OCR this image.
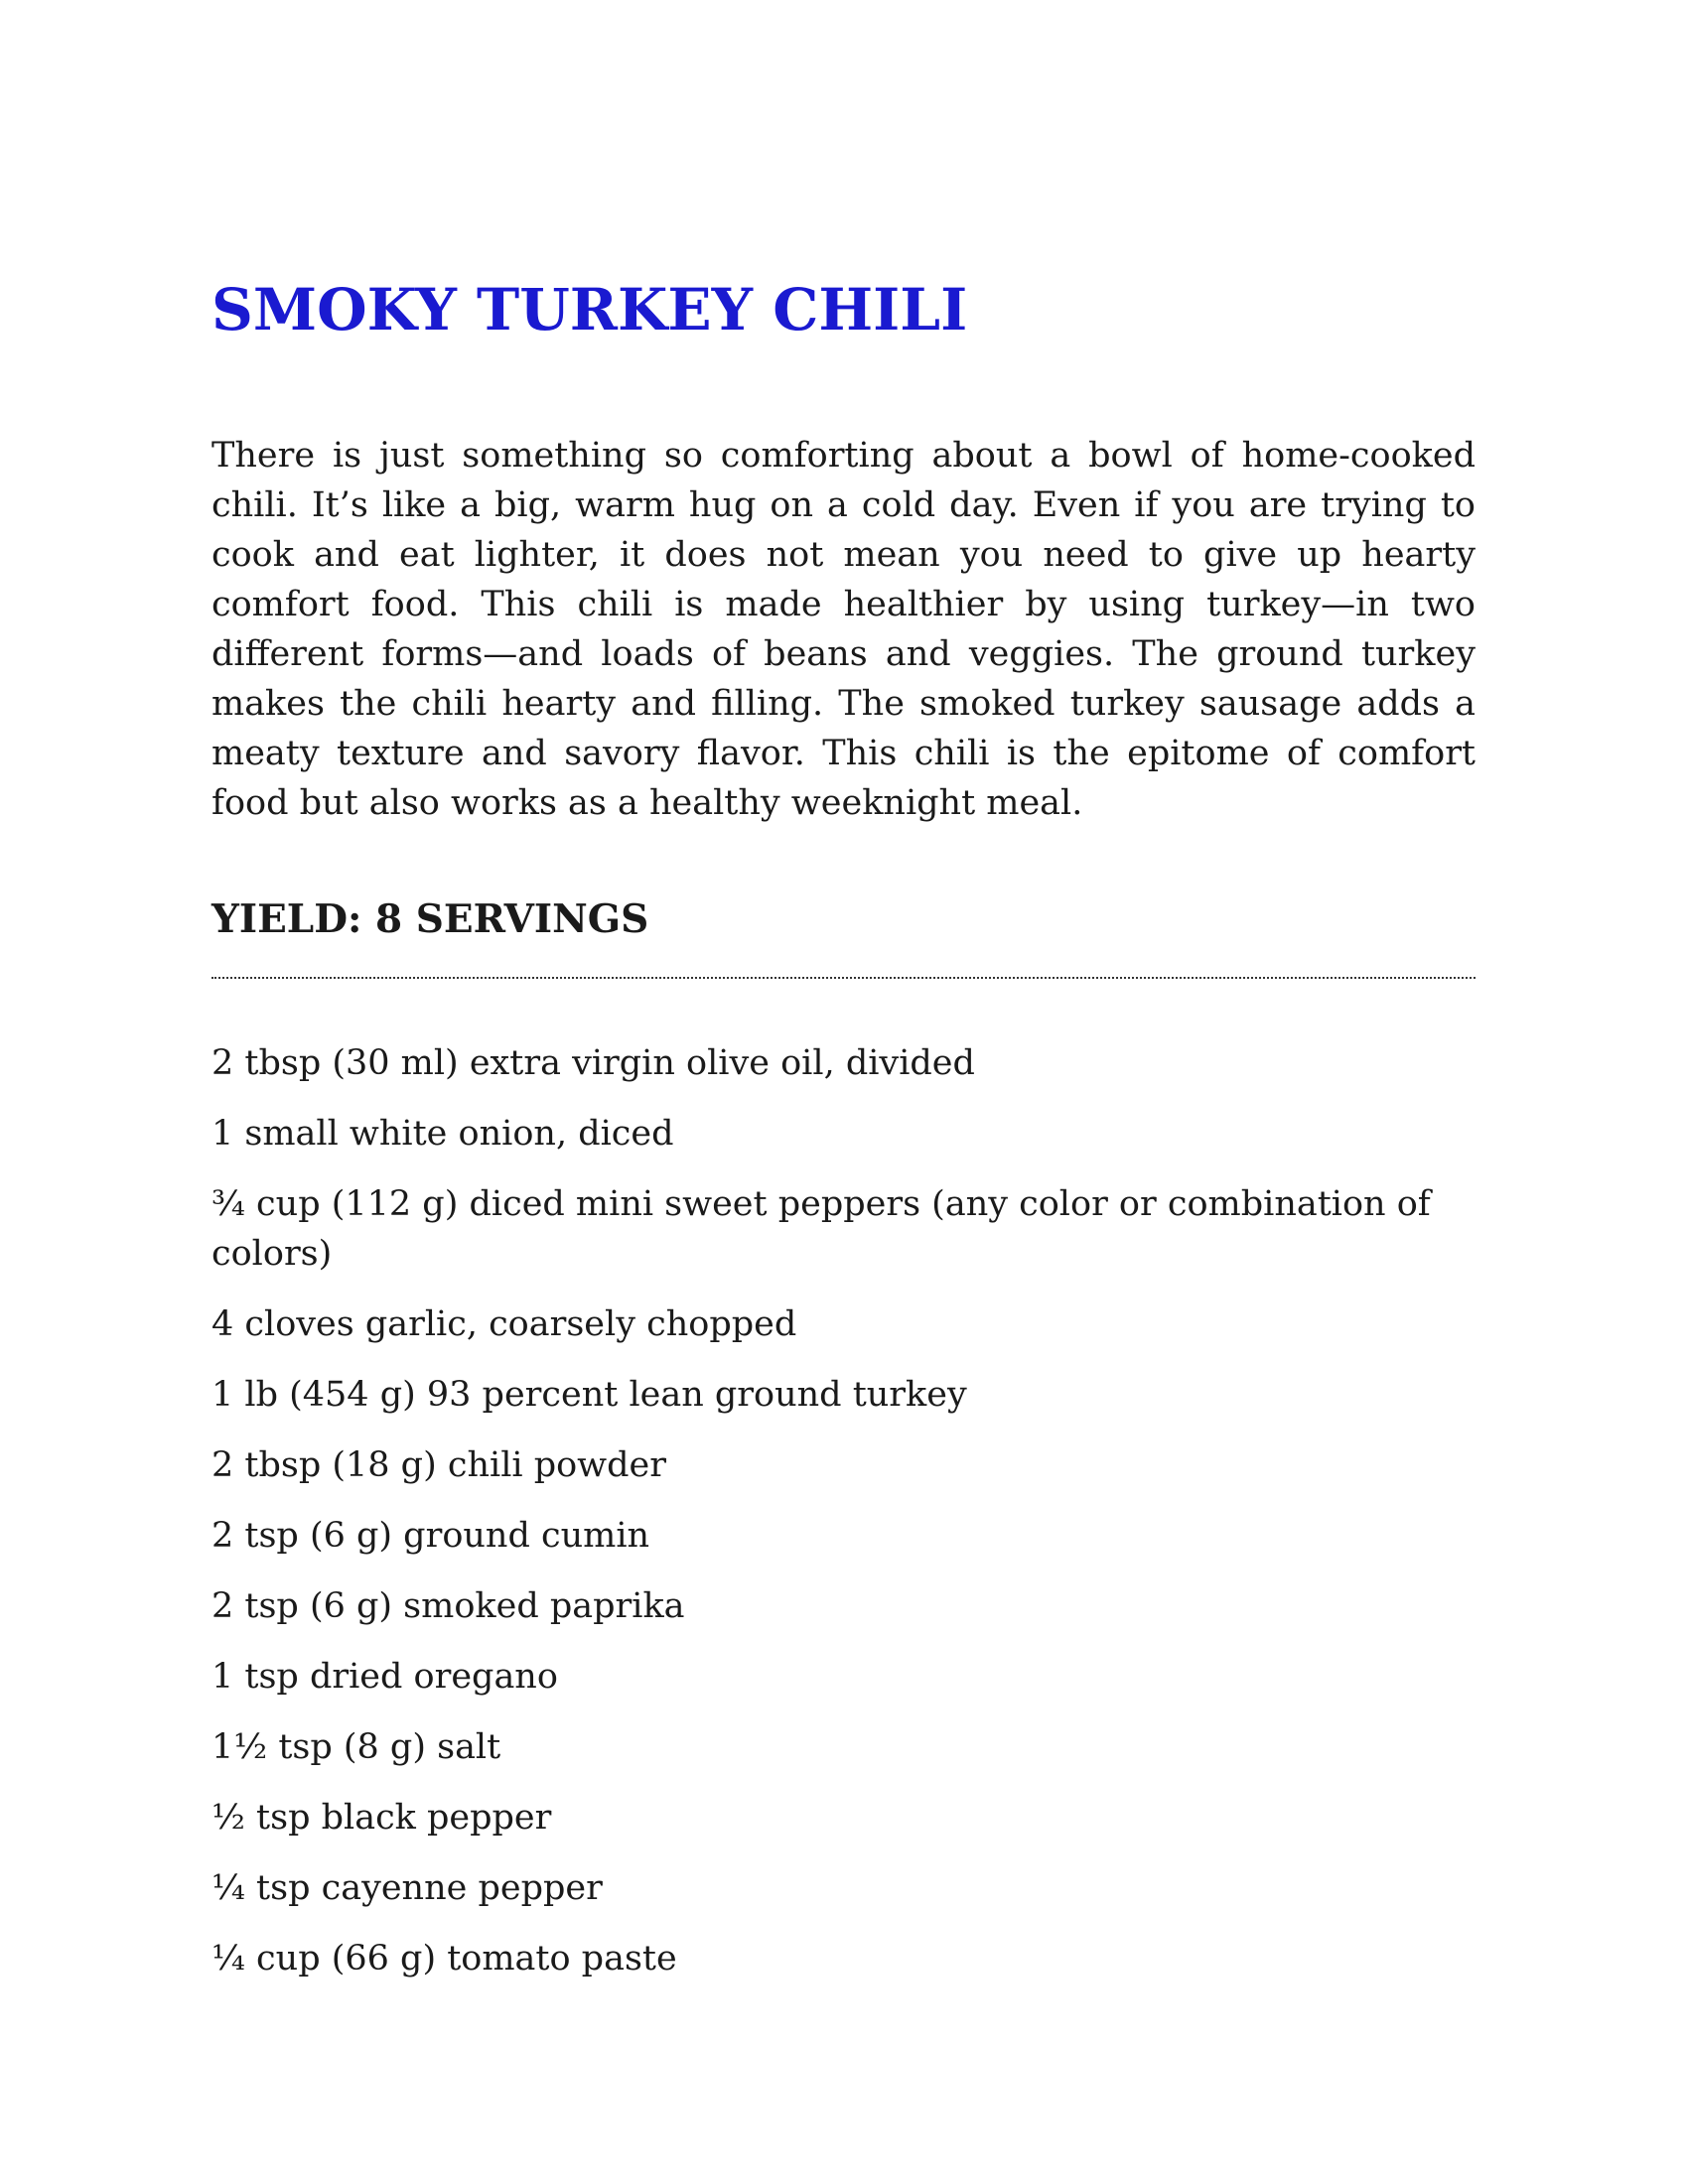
SMOKY TURKEY CHILI

There is just something so comforting about a bowl of home-cooked chili. It’s like a big, warm hug on a cold day. Even if you are trying to cook and eat lighter, it does not mean you need to give up hearty comfort food. This chili is made healthier by using turkey—in two different forms—and loads of beans and veggies. The ground turkey makes the chili hearty and filling. The smoked turkey sausage adds a meaty texture and savory flavor. This chili is the epitome of comfort food but also works as a healthy weeknight meal.

YIELD: 8 SERVINGS
2 tbsp (30 ml) extra virgin olive oil, divided
1 small white onion, diced
¾ cup (112 g) diced mini sweet peppers (any color or combination of colors)
4 cloves garlic, coarsely chopped
1 lb (454 g) 93 percent lean ground turkey
2 tbsp (18 g) chili powder
2 tsp (6 g) ground cumin
2 tsp (6 g) smoked paprika
1 tsp dried oregano
1½ tsp (8 g) salt
½ tsp black pepper
¼ tsp cayenne pepper
¼ cup (66 g) tomato paste
